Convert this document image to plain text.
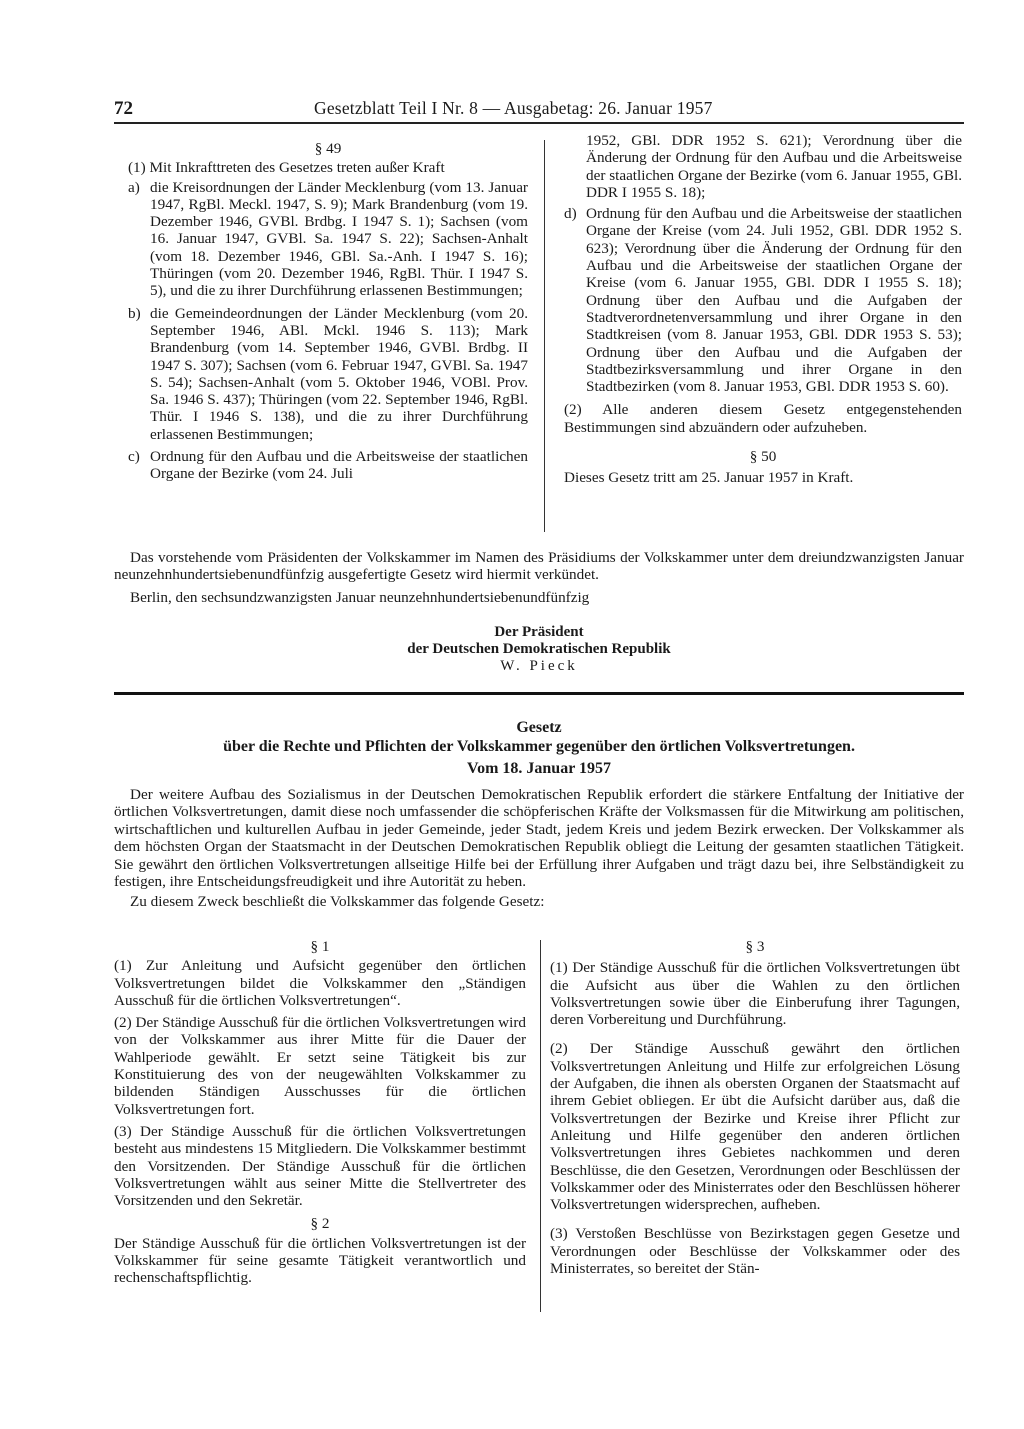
72	Gesetzblatt Teil I Nr. 8 — Ausgabetag: 26. Januar 1957

§ 49

(1) Mit Inkrafttreten des Gesetzes treten außer Kraft

a) die Kreisordnungen der Länder Mecklenburg (vom 13. Januar 1947, RgBl. Meckl. 1947, S. 9); Mark Brandenburg (vom 19. Dezember 1946, GVBl. Brdbg. I 1947 S. 1); Sachsen (vom 16. Januar 1947, GVBl. Sa. 1947 S. 22); Sachsen-Anhalt (vom 18. Dezember 1946, GBl. Sa.-Anh. I 1947 S. 16); Thüringen (vom 20. Dezember 1946, RgBl. Thür. I 1947 S. 5), und die zu ihrer Durchführung erlassenen Bestimmungen;
b) die Gemeindeordnungen der Länder Mecklenburg (vom 20. September 1946, ABl. Mckl. 1946 S. 113); Mark Brandenburg (vom 14. September 1946, GVBl. Brdbg. II 1947 S. 307); Sachsen (vom 6. Februar 1947, GVBl. Sa. 1947 S. 54); Sachsen-Anhalt (vom 5. Oktober 1946, VOBl. Prov. Sa. 1946 S. 437); Thüringen (vom 22. September 1946, RgBl. Thür. I 1946 S. 138), und die zu ihrer Durchführung erlassenen Bestimmungen;
c) Ordnung für den Aufbau und die Arbeitsweise der staatlichen Organe der Bezirke (vom 24. Juli

1952, GBl. DDR 1952 S. 621); Verordnung über die Änderung der Ordnung für den Aufbau und die Arbeitsweise der staatlichen Organe der Bezirke (vom 6. Januar 1955, GBl. DDR I 1955 S. 18);

d) Ordnung für den Aufbau und die Arbeitsweise der staatlichen Organe der Kreise (vom 24. Juli 1952, GBl. DDR 1952 S. 623); Verordnung über die Änderung der Ordnung für den Aufbau und die Arbeitsweise der staatlichen Organe der Kreise (vom 6. Januar 1955, GBl. DDR I 1955 S. 18); Ordnung über den Aufbau und die Aufgaben der Stadtverordnetenversammlung und ihrer Organe in den Stadtkreisen (vom 8. Januar 1953, GBl. DDR 1953 S. 53); Ordnung über den Aufbau und die Aufgaben der Stadtbezirksversammlung und ihrer Organe in den Stadtbezirken (vom 8. Januar 1953, GBl. DDR 1953 S. 60).

(2) Alle anderen diesem Gesetz entgegenstehenden Bestimmungen sind abzuändern oder aufzuheben.

§ 50

Dieses Gesetz tritt am 25. Januar 1957 in Kraft.

Das vorstehende vom Präsidenten der Volkskammer im Namen des Präsidiums der Volkskammer unter dem dreiundzwanzigsten Januar neunzehnhundertsiebenundfünfzig ausgefertigte Gesetz wird hiermit verkündet.

Berlin, den sechsundzwanzigsten Januar neunzehnhundertsiebenundfünfzig

Der Präsident
der Deutschen Demokratischen Republik
W. Pieck
Gesetz
über die Rechte und Pflichten der Volkskammer gegenüber den örtlichen Volksvertretungen.
Vom 18. Januar 1957

Der weitere Aufbau des Sozialismus in der Deutschen Demokratischen Republik erfordert die stärkere Entfaltung der Initiative der örtlichen Volksvertretungen, damit diese noch umfassender die schöpferischen Kräfte der Volksmassen für die Mitwirkung am politischen, wirtschaftlichen und kulturellen Aufbau in jeder Gemeinde, jeder Stadt, jedem Kreis und jedem Bezirk erwecken. Der Volkskammer als dem höchsten Organ der Staatsmacht in der Deutschen Demokratischen Republik obliegt die Leitung der gesamten staatlichen Tätigkeit. Sie gewährt den örtlichen Volksvertretungen allseitige Hilfe bei der Erfüllung ihrer Aufgaben und trägt dazu bei, ihre Selbständigkeit zu festigen, ihre Entscheidungsfreudigkeit und ihre Autorität zu heben.

Zu diesem Zweck beschließt die Volkskammer das folgende Gesetz:

§ 1

(1) Zur Anleitung und Aufsicht gegenüber den örtlichen Volksvertretungen bildet die Volkskammer den „Ständigen Ausschuß für die örtlichen Volksvertretungen“.

(2) Der Ständige Ausschuß für die örtlichen Volksvertretungen wird von der Volkskammer aus ihrer Mitte für die Dauer der Wahlperiode gewählt. Er setzt seine Tätigkeit bis zur Konstituierung des von der neugewählten Volkskammer zu bildenden Ständigen Ausschusses für die örtlichen Volksvertretungen fort.

(3) Der Ständige Ausschuß für die örtlichen Volksvertretungen besteht aus mindestens 15 Mitgliedern. Die Volkskammer bestimmt den Vorsitzenden. Der Ständige Ausschuß für die örtlichen Volksvertretungen wählt aus seiner Mitte die Stellvertreter des Vorsitzenden und den Sekretär.

§ 2

Der Ständige Ausschuß für die örtlichen Volksvertretungen ist der Volkskammer für seine gesamte Tätigkeit verantwortlich und rechenschaftspflichtig.

§ 3

(1) Der Ständige Ausschuß für die örtlichen Volksvertretungen übt die Aufsicht aus über die Wahlen zu den örtlichen Volksvertretungen sowie über die Einberufung ihrer Tagungen, deren Vorbereitung und Durchführung.

(2) Der Ständige Ausschuß gewährt den örtlichen Volksvertretungen Anleitung und Hilfe zur erfolgreichen Lösung der Aufgaben, die ihnen als obersten Organen der Staatsmacht auf ihrem Gebiet obliegen. Er übt die Aufsicht darüber aus, daß die Volksvertretungen der Bezirke und Kreise ihrer Pflicht zur Anleitung und Hilfe gegenüber den anderen örtlichen Volksvertretungen ihres Gebietes nachkommen und deren Beschlüsse, die den Gesetzen, Verordnungen oder Beschlüssen der Volkskammer oder des Ministerrates oder den Beschlüssen höherer Volksvertretungen widersprechen, aufheben.

(3) Verstoßen Beschlüsse von Bezirkstagen gegen Gesetze und Verordnungen oder Beschlüsse der Volkskammer oder des Ministerrates, so bereitet der Stän-
